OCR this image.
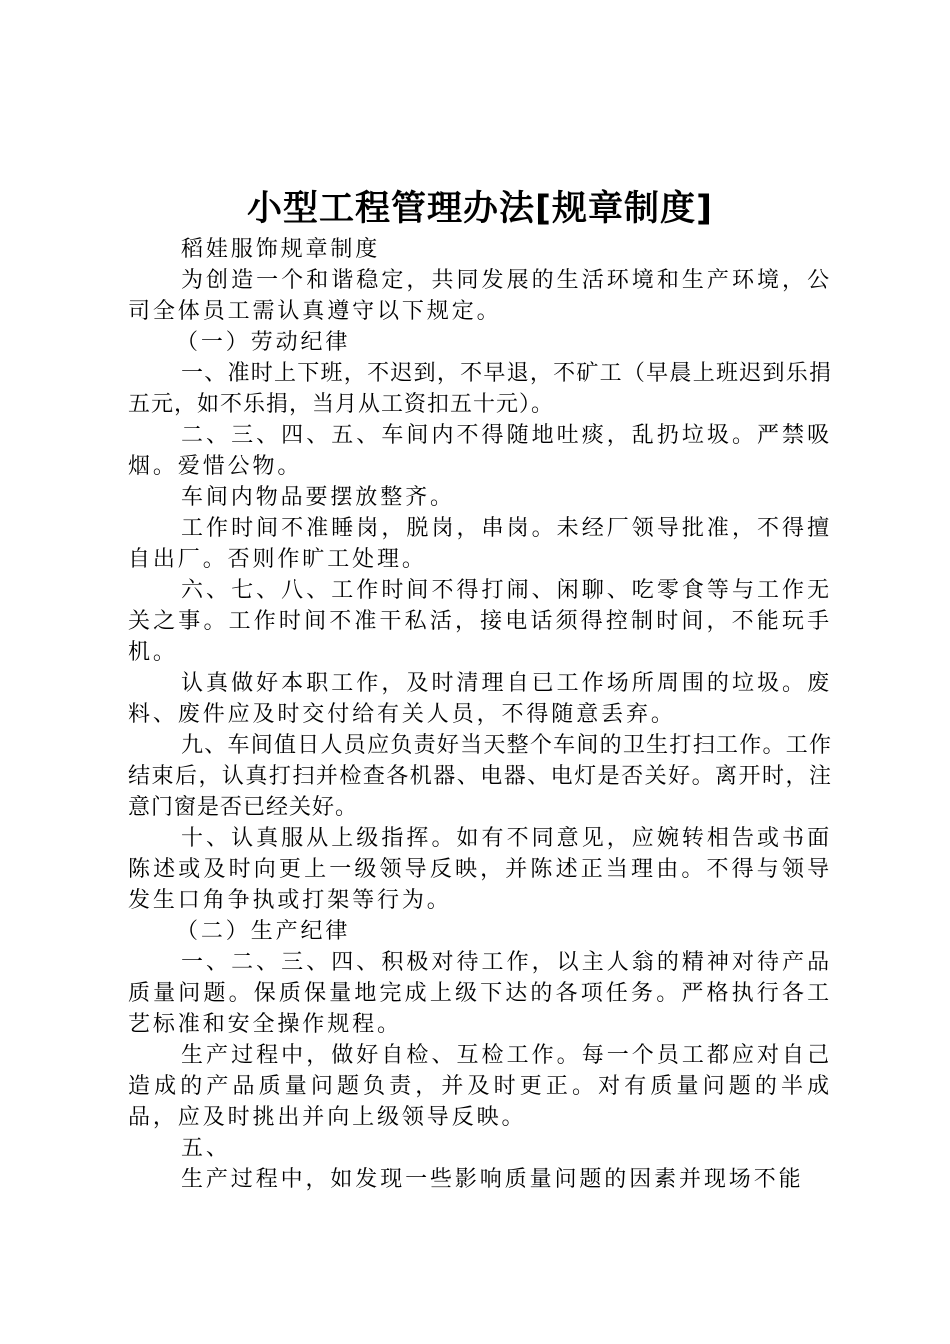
小型工程管理办法[规章制度]

稻娃服饰规章制度

为创造一个和谐稳定，共同发展的生活环境和生产环境，公司全体员工需认真遵守以下规定。

（一）劳动纪律

一、准时上下班，不迟到，不早退，不矿工（早晨上班迟到乐捐五元，如不乐捐，当月从工资扣五十元）。

二、三、四、五、车间内不得随地吐痰，乱扔垃圾。严禁吸烟。爱惜公物。

车间内物品要摆放整齐。

工作时间不准睡岗，脱岗，串岗。未经厂领导批准，不得擅自出厂。否则作旷工处理。

六、七、八、工作时间不得打闹、闲聊、吃零食等与工作无关之事。工作时间不准干私活，接电话须得控制时间，不能玩手机。

认真做好本职工作，及时清理自已工作场所周围的垃圾。废料、废件应及时交付给有关人员，不得随意丢弃。

九、车间值日人员应负责好当天整个车间的卫生打扫工作。工作结束后，认真打扫并检查各机器、电器、电灯是否关好。离开时，注意门窗是否已经关好。

十、认真服从上级指挥。如有不同意见，应婉转相告或书面陈述或及时向更上一级领导反映，并陈述正当理由。不得与领导发生口角争执或打架等行为。

（二）生产纪律

一、二、三、四、积极对待工作，以主人翁的精神对待产品质量问题。保质保量地完成上级下达的各项任务。严格执行各工艺标准和安全操作规程。

生产过程中，做好自检、互检工作。每一个员工都应对自己造成的产品质量问题负责，并及时更正。对有质量问题的半成品，应及时挑出并向上级领导反映。

五、

生产过程中，如发现一些影响质量问题的因素并现场不能
